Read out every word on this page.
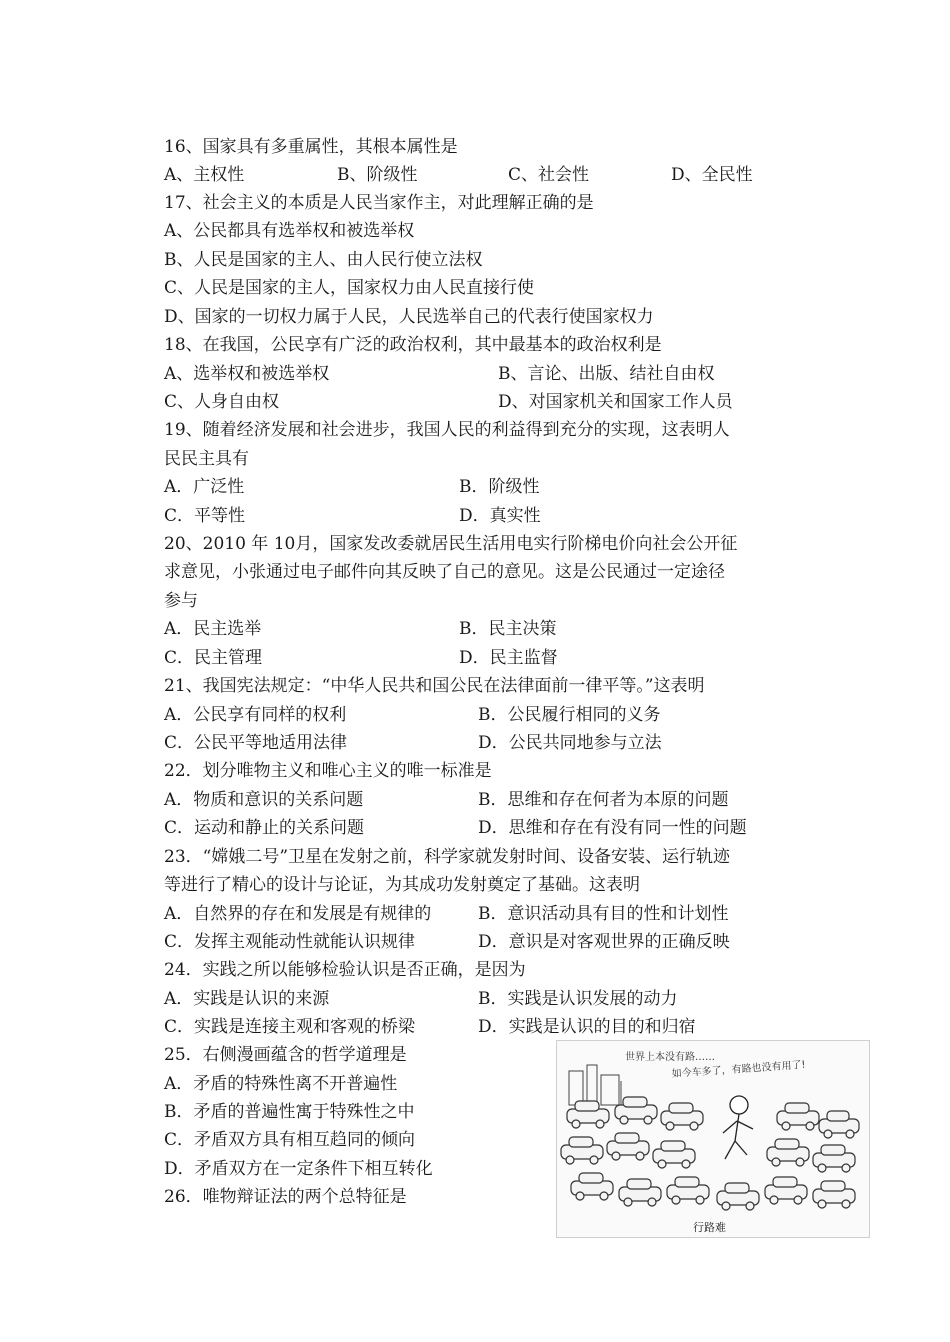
16、国家具有多重属性，其根本属性是
A、主权性	B、阶级性	C、社会性	D、全民性
17、社会主义的本质是人民当家作主，对此理解正确的是
A、公民都具有选举权和被选举权
B、人民是国家的主人、由人民行使立法权
C、人民是国家的主人，国家权力由人民直接行使
D、国家的一切权力属于人民，人民选举自己的代表行使国家权力
18、在我国，公民享有广泛的政治权利，其中最基本的政治权利是
A、选举权和被选举权	B、言论、出版、结社自由权
C、人身自由权	D、对国家机关和国家工作人员
19、随着经济发展和社会进步，我国人民的利益得到充分的实现，这表明人
民民主具有
A．广泛性	B．阶级性
C．平等性	D．真实性
20、2010 年 10月，国家发改委就居民生活用电实行阶梯电价向社会公开征
求意见，小张通过电子邮件向其反映了自己的意见。这是公民通过一定途径
参与
A．民主选举	B．民主决策
C．民主管理	D．民主监督
21、我国宪法规定：“中华人民共和国公民在法律面前一律平等。”这表明
A．公民享有同样的权利	B．公民履行相同的义务
C．公民平等地适用法律	D．公民共同地参与立法
22．划分唯物主义和唯心主义的唯一标准是
A．物质和意识的关系问题	B．思维和存在何者为本原的问题
C．运动和静止的关系问题	D．思维和存在有没有同一性的问题
23．“嫦娥二号”卫星在发射之前，科学家就发射时间、设备安装、运行轨迹
等进行了精心的设计与论证，为其成功发射奠定了基础。这表明
A．自然界的存在和发展是有规律的	B．意识活动具有目的性和计划性
C．发挥主观能动性就能认识规律	D．意识是对客观世界的正确反映
24．实践之所以能够检验认识是否正确，是因为
A．实践是认识的来源	B．实践是认识发展的动力
C．实践是连接主观和客观的桥梁	D．实践是认识的目的和归宿
25．右侧漫画蕴含的哲学道理是
A．矛盾的特殊性离不开普遍性
B．矛盾的普遍性寓于特殊性之中
C．矛盾双方具有相互趋同的倾向
D．矛盾双方在一定条件下相互转化
26．唯物辩证法的两个总特征是
世界上本没有路……
如今车多了，有路也没有用了!
行路难
